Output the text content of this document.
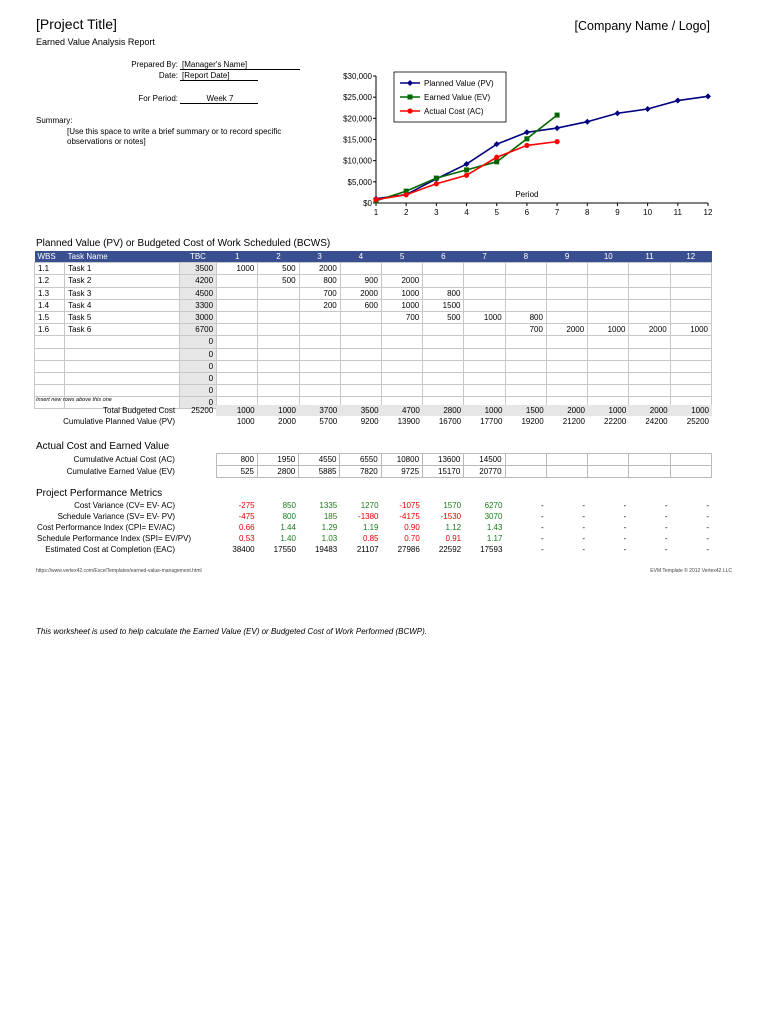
[Project Title]	[Company Name / Logo]
Earned Value Analysis Report
Prepared By: [Manager's Name]
Date: [Report Date]
For Period:	Week 7
Summary:
[Use this space to write a brief summary or to record specific observations or notes]
$0
$5,000
$10,000
$15,000
$20,000
$25,000
$30,000
1	2	3	4	5	6	7	8	9	10	11	12
Period
Planned Value (PV)
Earned Value (EV)
Actual Cost (AC)
Planned Value (PV) or Budgeted Cost of Work Scheduled (BCWS)
WBS	Task Name	TBC	1	2	3	4	5	6	7	8	9	10	11	12
1.1	Task 1	3500	1000	500	2000									
1.2	Task 2	4200		500	800	900	2000							
1.3	Task 3	4500			700	2000	1000	800						
1.4	Task 4	3300			200	600	1000	1500						
1.5	Task 5	3000					700	500	1000	800				
1.6	Task 6	6700								700	2000	1000	2000	1000
		0												
		0												
		0												
		0												
		0												
		0												
Insert new rows above this one
Total Budgeted Cost	25200	1000	1000	3700	3500	4700	2800	1000	1500	2000	1000	2000	1000
Cumulative Planned Value (PV)		1000	2000	5700	9200	13900	16700	17700	19200	21200	22200	24200	25200
Actual Cost and Earned Value
Cumulative Actual Cost (AC)		800	1950	4550	6550	10800	13600	14500					
Cumulative Earned Value (EV)		525	2800	5885	7820	9725	15170	20770					
Project Performance Metrics
Cost Variance (CV= EV- AC)		-275	850	1335	1270	-1075	1570	6270	-	-	-	-	-
Schedule Variance (SV= EV- PV)		-475	800	185	-1380	-4175	-1530	3070	-	-	-	-	-
Cost Performance Index (CPI= EV/AC)		0.66	1.44	1.29	1.19	0.90	1.12	1.43	-	-	-	-	-
Schedule Performance Index (SPI= EV/PV)		0.53	1.40	1.03	0.85	0.70	0.91	1.17	-	-	-	-	-
Estimated Cost at Completion (EAC)		38400	17550	19483	21107	27986	22592	17593	-	-	-	-	-
https://www.vertex42.com/ExcelTemplates/earned-value-management.html	EVM Template © 2012 Vertex42 LLC
This worksheet is used to help calculate the Earned Value (EV) or Budgeted Cost of Work Performed (BCWP).
